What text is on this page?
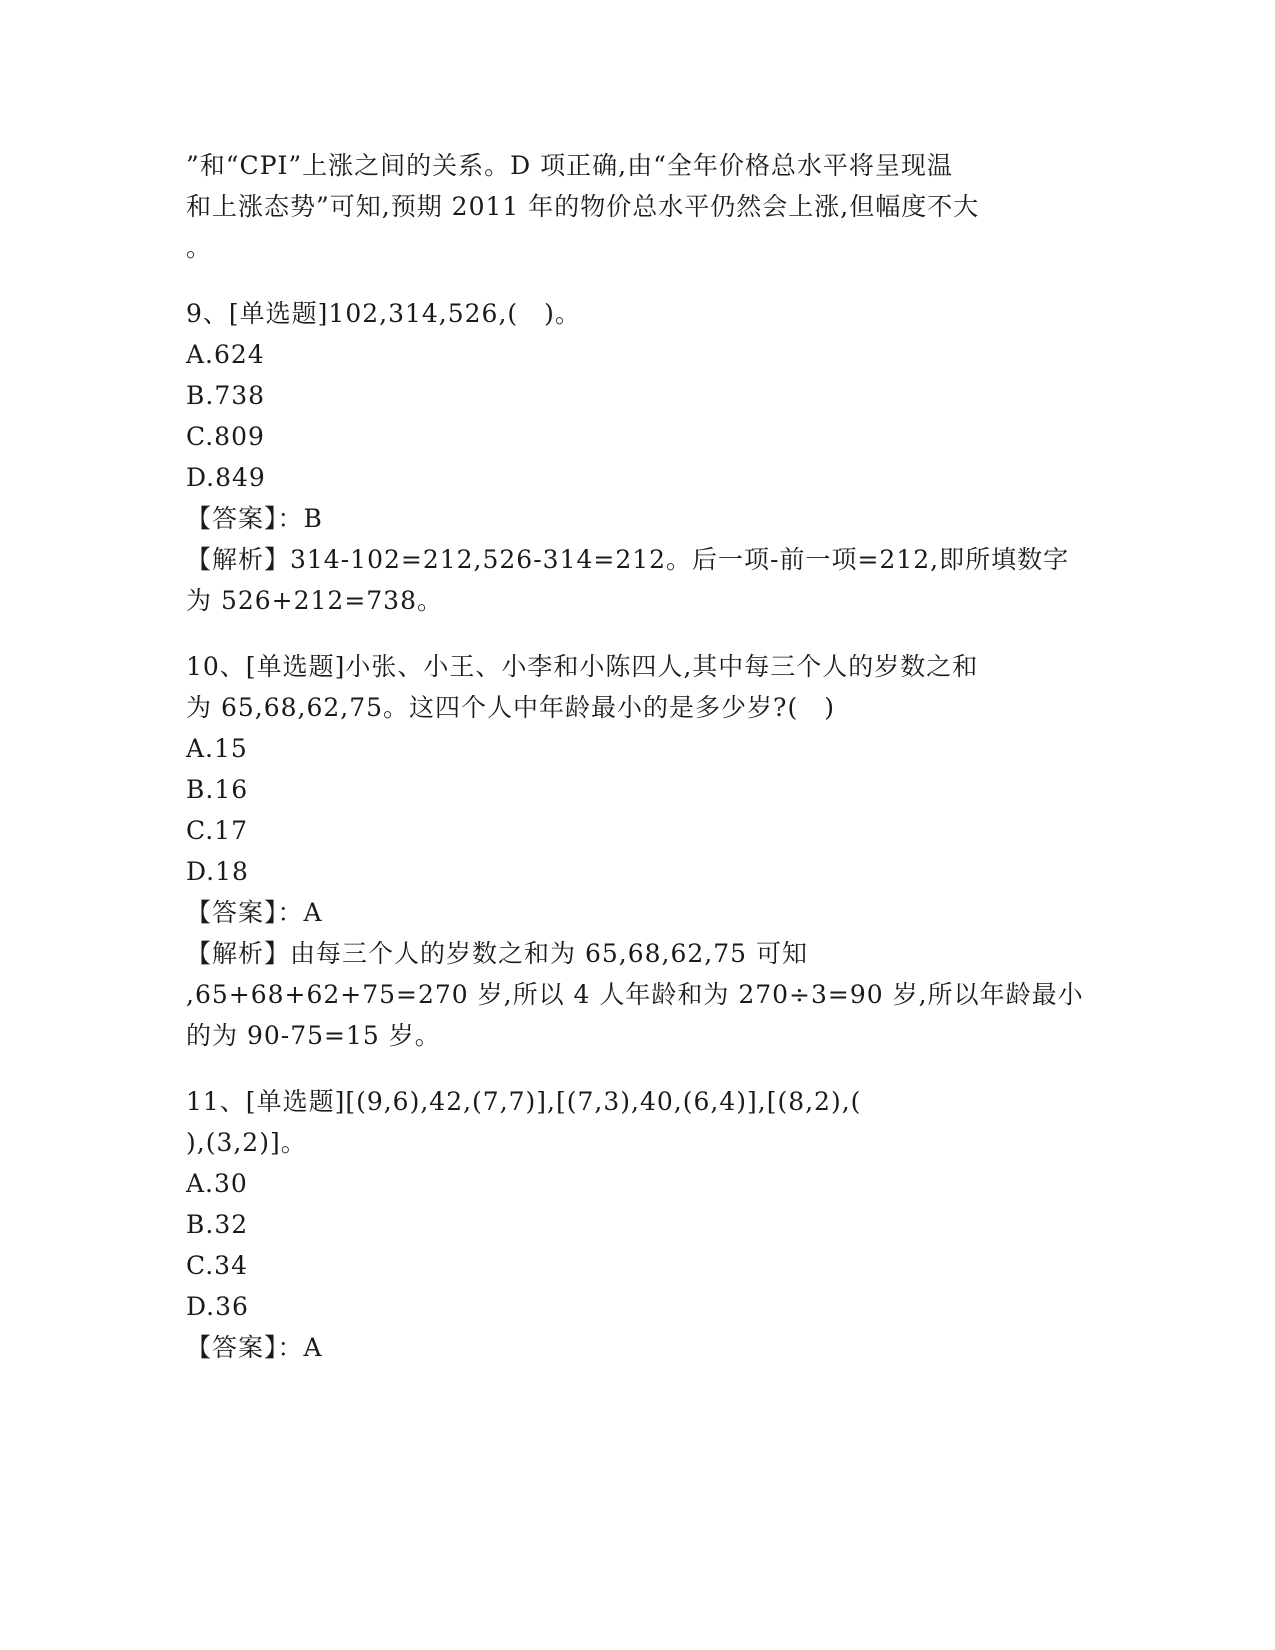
”和“CPI”上涨之间的关系。D 项正确,由“全年价格总水平将呈现温
和上涨态势”可知,预期 2011 年的物价总水平仍然会上涨,但幅度不大
。
9、[单选题]102,314,526,(　)。
A.624
B.738
C.809
D.849
【答案】：B
【解析】314-102=212,526-314=212。后一项-前一项=212,即所填数字
为 526+212=738。
10、[单选题]小张、小王、小李和小陈四人,其中每三个人的岁数之和
为 65,68,62,75。这四个人中年龄最小的是多少岁?(　)
A.15
B.16
C.17
D.18
【答案】：A
【解析】由每三个人的岁数之和为 65,68,62,75 可知
,65+68+62+75=270 岁,所以 4 人年龄和为 270÷3=90 岁,所以年龄最小
的为 90-75=15 岁。
11、[单选题][(9,6),42,(7,7)],[(7,3),40,(6,4)],[(8,2),(
),(3,2)]。
A.30
B.32
C.34
D.36
【答案】：A
